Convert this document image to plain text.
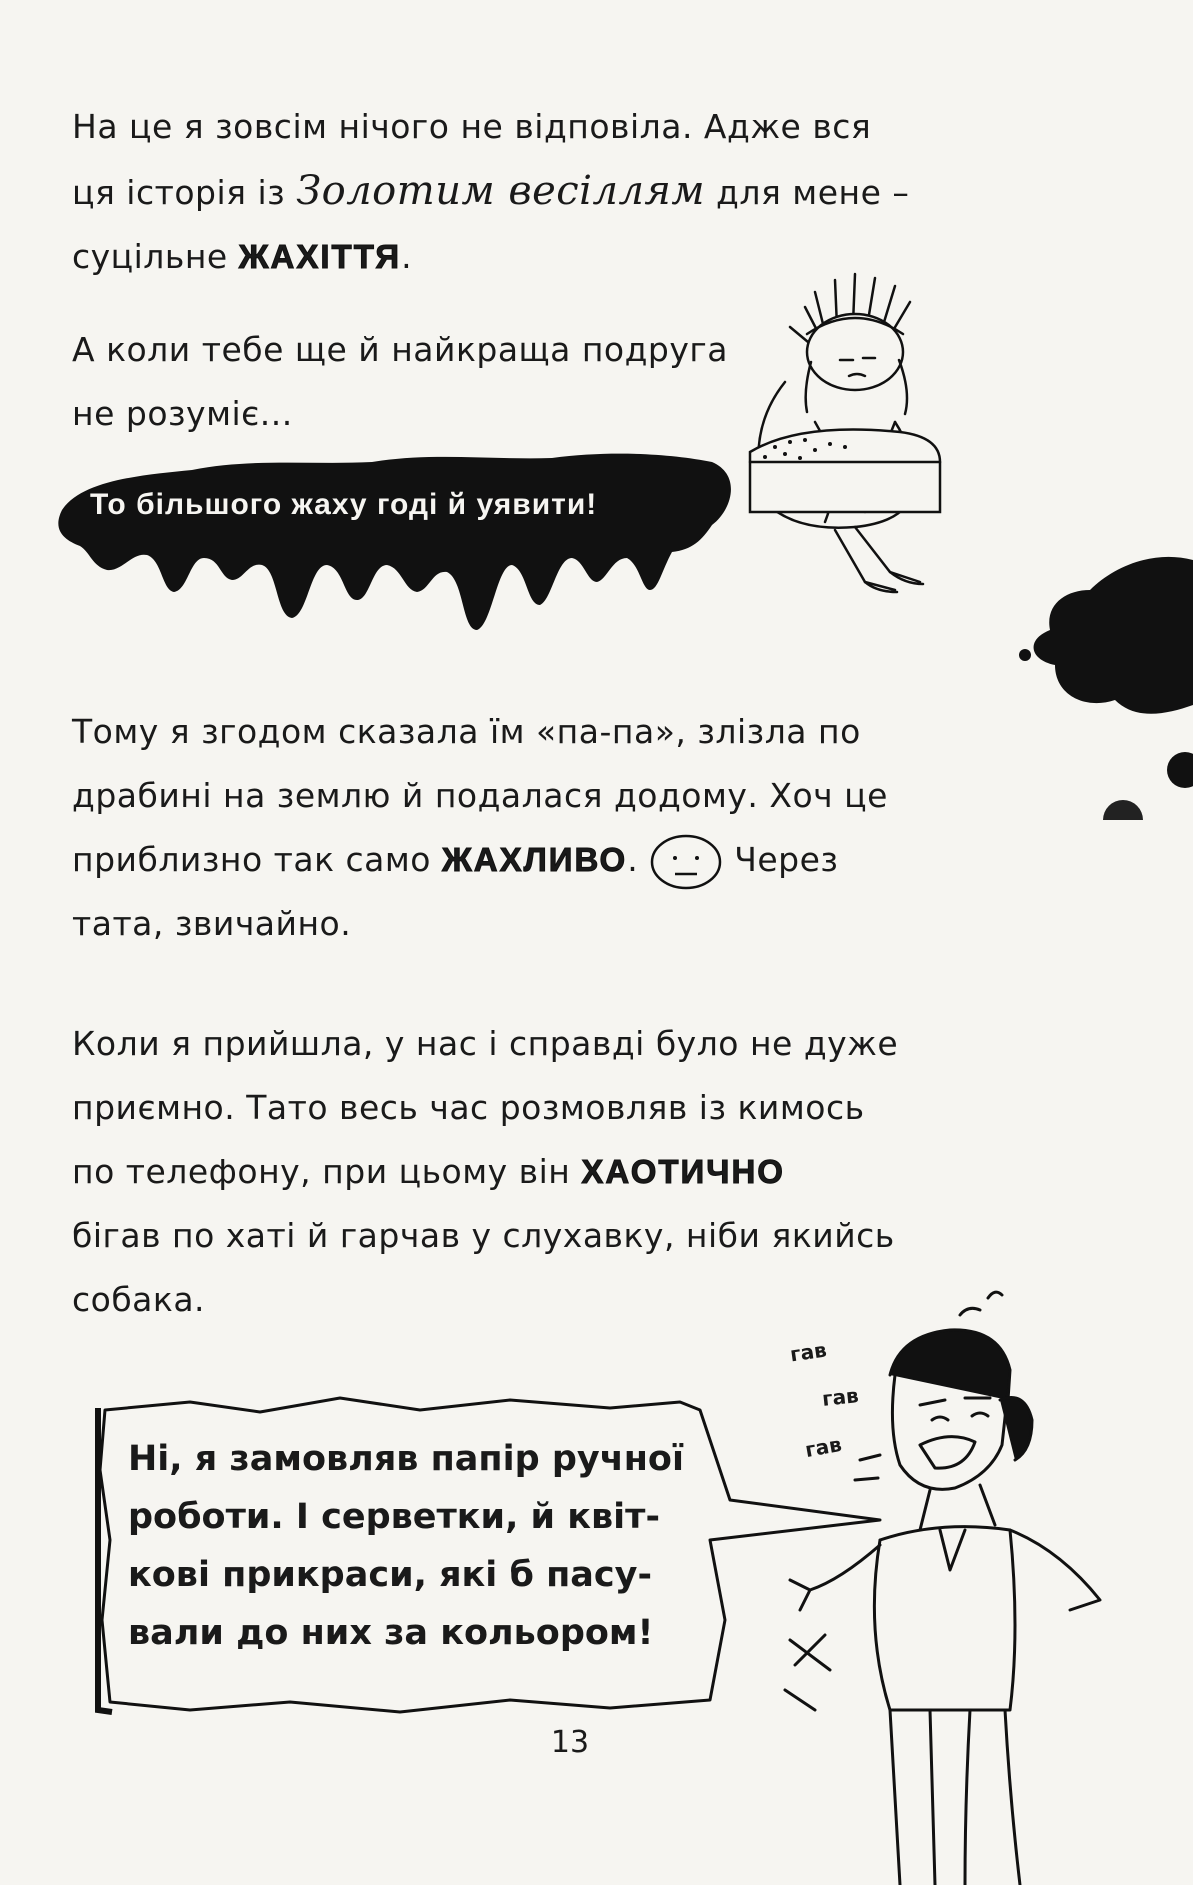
На це я зовсім нічого не відповіла. Адже вся
ця історія із Золотим весіллям для мене –
суцільне ЖАХІТТЯ.
А коли тебе ще й найкраща подруга
не розуміє...
То більшого жаху годі й уявити!
Тому я згодом сказала їм «па-па», злізла по
драбині на землю й подалася додому. Хоч це
приблизно так само ЖАХЛИВО.	Через
тата, звичайно.
Коли я прийшла, у нас і справді було не дуже
приємно. Тато весь час розмовляв із кимось
по телефону, при цьому він ХАОТИЧНО
бігав по хаті й гарчав у слухавку, ніби якийсь
собака.
Ні, я замовляв папір ручної
роботи. І серветки, й квіт-
кові прикраси, які б пасу-
вали до них за кольором!
гав
гав
гав
13
